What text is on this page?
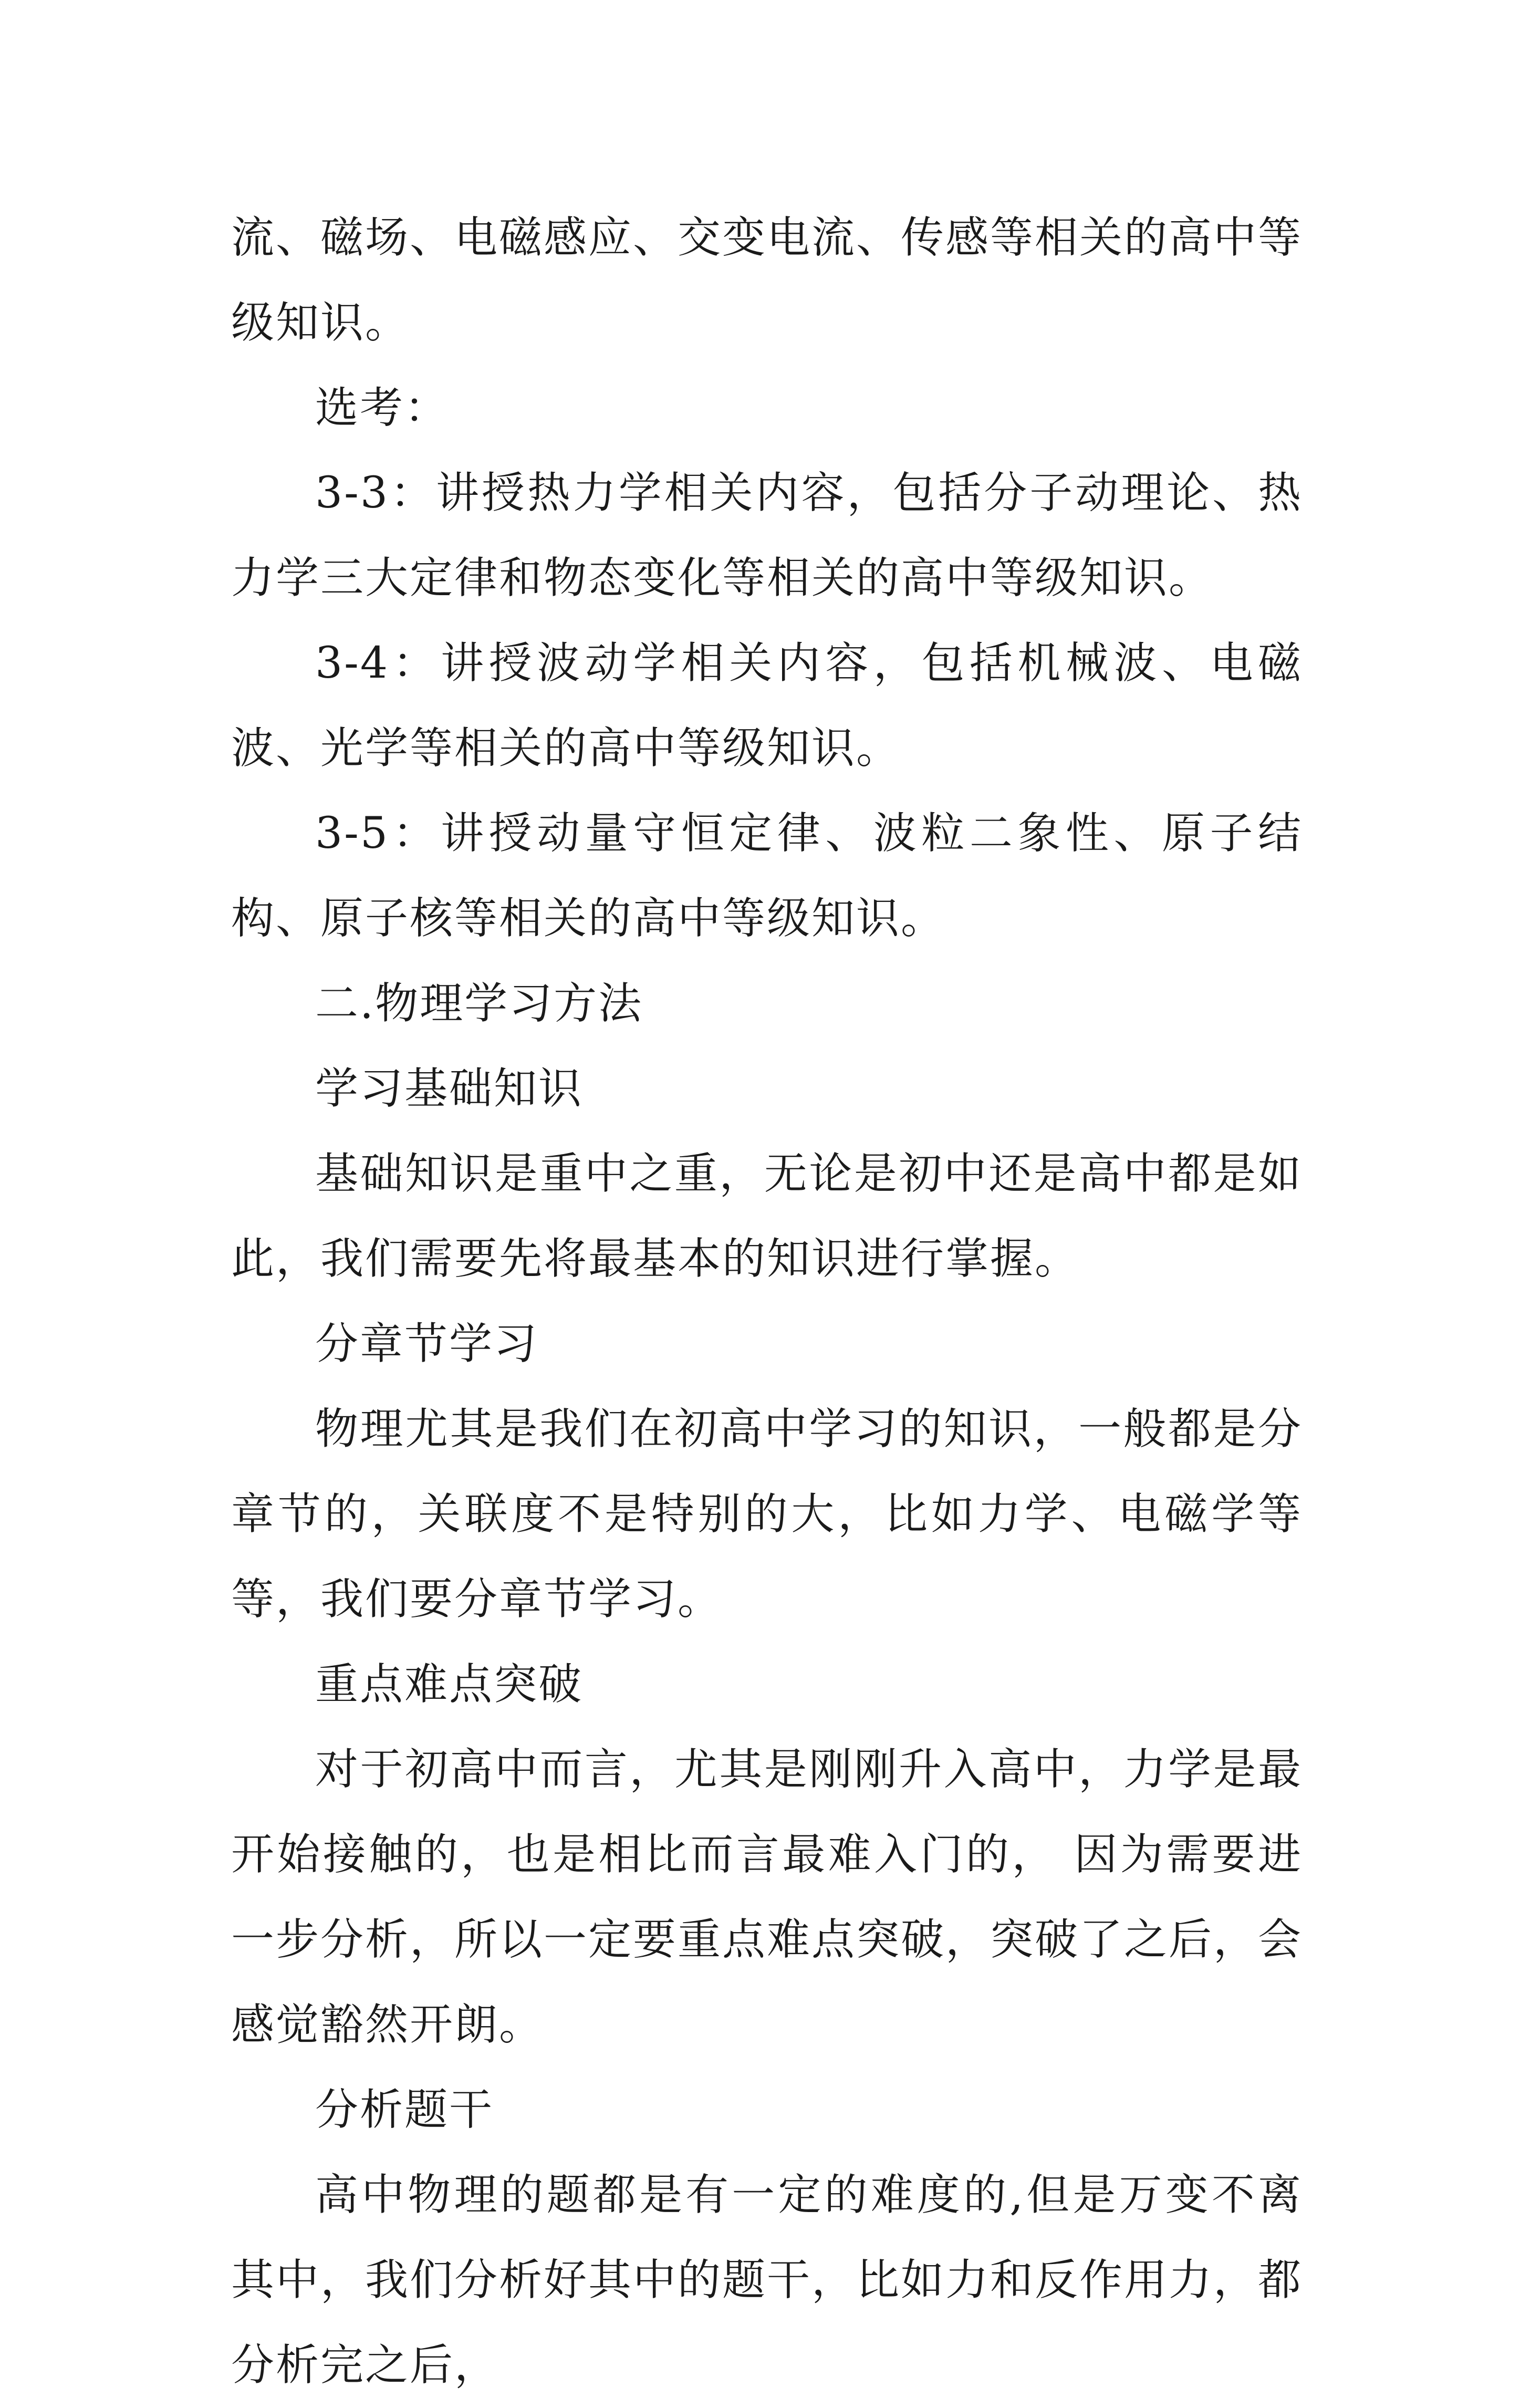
流、磁场、电磁感应、交变电流、传感等相关的高中等级知识。

选考：

3-3：讲授热力学相关内容，包括分子动理论、热力学三大定律和物态变化等相关的高中等级知识。

3-4：讲授波动学相关内容，包括机械波、电磁波、光学等相关的高中等级知识。

3-5：讲授动量守恒定律、波粒二象性、原子结构、原子核等相关的高中等级知识。

二.物理学习方法

学习基础知识

基础知识是重中之重，无论是初中还是高中都是如此，我们需要先将最基本的知识进行掌握。

分章节学习

物理尤其是我们在初高中学习的知识，一般都是分章节的，关联度不是特别的大，比如力学、电磁学等等，我们要分章节学习。

重点难点突破

对于初高中而言，尤其是刚刚升入高中，力学是最开始接触的，也是相比而言最难入门的， 因为需要进一步分析，所以一定要重点难点突破，突破了之后，会感觉豁然开朗。

分析题干

高中物理的题都是有一定的难度的,但是万变不离其中，我们分析好其中的题干，比如力和反作用力，都分析完之后，
